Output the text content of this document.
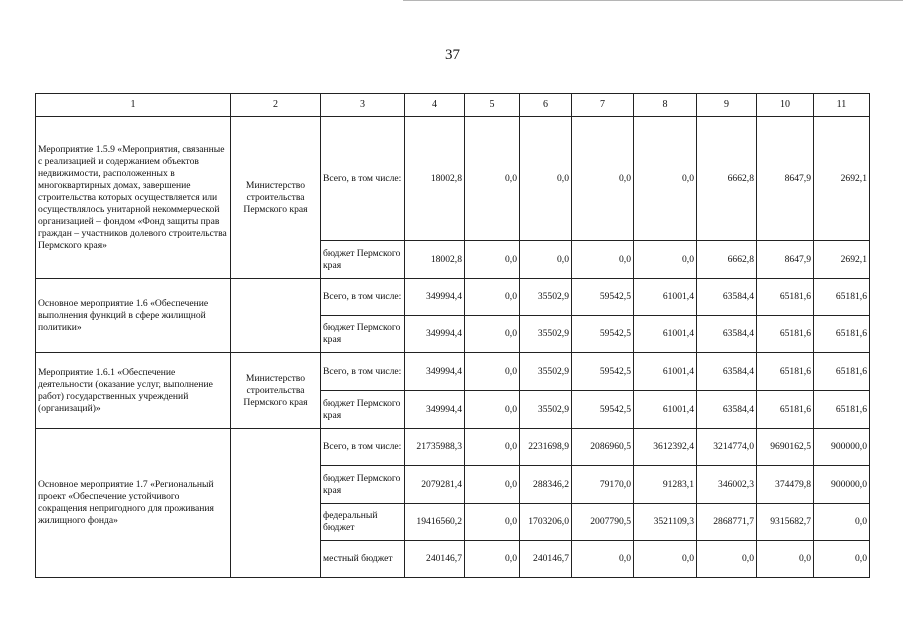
37
1	2	3	4	5	6	7	8	9	10	11
Мероприятие 1.5.9 «Мероприятия, связанные с реализацией и содержанием объектов недвижимости, расположенных в многоквартирных домах, завершение строительства которых осуществляется или осуществлялось унитарной некоммерческой организацией – фондом «Фонд защиты прав граждан – участников долевого строительства Пермского края»	Министерство строительства Пермского края	Всего, в том числе:	18002,8	0,0	0,0	0,0	0,0	6662,8	8647,9	2692,1
		бюджет Пермского края	18002,8	0,0	0,0	0,0	0,0	6662,8	8647,9	2692,1
Основное мероприятие 1.6 «Обеспечение выполнения функций в сфере жилищной политики»		Всего, в том числе:	349994,4	0,0	35502,9	59542,5	61001,4	63584,4	65181,6	65181,6
		бюджет Пермского края	349994,4	0,0	35502,9	59542,5	61001,4	63584,4	65181,6	65181,6
Мероприятие 1.6.1 «Обеспечение деятельности (оказание услуг, выполнение работ) государственных учреждений (организаций)»	Министерство строительства Пермского края	Всего, в том числе:	349994,4	0,0	35502,9	59542,5	61001,4	63584,4	65181,6	65181,6
		бюджет Пермского края	349994,4	0,0	35502,9	59542,5	61001,4	63584,4	65181,6	65181,6
Основное мероприятие 1.7 «Региональный проект «Обеспечение устойчивого сокращения непригодного для проживания жилищного фонда»		Всего, в том числе:	21735988,3	0,0	2231698,9	2086960,5	3612392,4	3214774,0	9690162,5	900000,0
		бюджет Пермского края	2079281,4	0,0	288346,2	79170,0	91283,1	346002,3	374479,8	900000,0
		федеральный бюджет	19416560,2	0,0	1703206,0	2007790,5	3521109,3	2868771,7	9315682,7	0,0
		местный бюджет	240146,7	0,0	240146,7	0,0	0,0	0,0	0,0	0,0
